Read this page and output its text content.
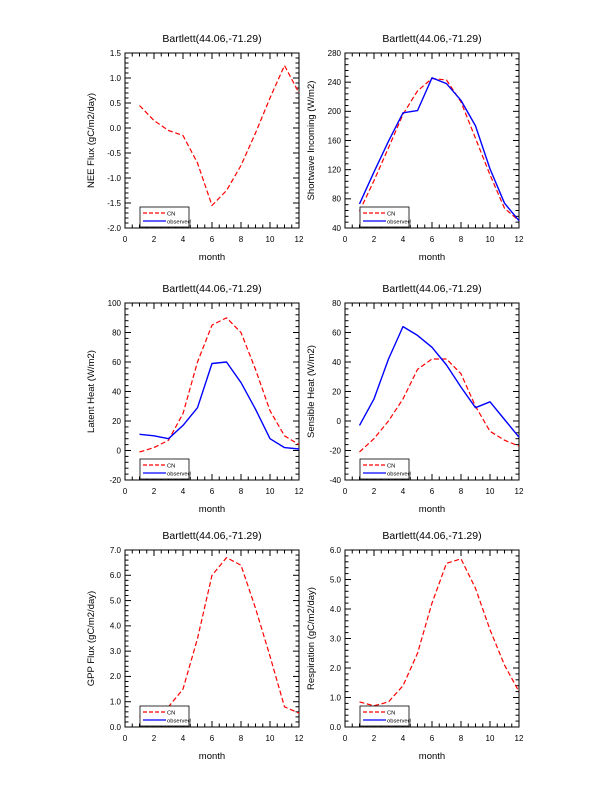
Bartlett(44.06,-71.29)
NEE Flux (gC/m2/day)
0	2	4	6	8	10	12
1.5
1.0
0.5
0.0
-0.5
-1.0
-1.5
-2.0
CN
observed
month
Bartlett(44.06,-71.29)
Shortwave Incoming (W/m2)
0	2	4	6	8	10	12
280
240
200
160
120
80
40
CN
observed
month
Bartlett(44.06,-71.29)
Latent Heat (W/m2)
0	2	4	6	8	10	12
100
80
60
40
20
0
-20
CN
observed
month
Bartlett(44.06,-71.29)
Sensible Heat (W/m2)
0	2	4	6	8	10	12
80
60
40
20
0
-20
-40
CN
observed
month
Bartlett(44.06,-71.29)
GPP Flux (gC/m2/day)
0	2	4	6	8	10	12
7.0
6.0
5.0
4.0
3.0
2.0
1.0
0.0
CN
observed
month
Bartlett(44.06,-71.29)
Respiration (gC/m2/day)
0	2	4	6	8	10	12
6.0
5.0
4.0
3.0
2.0
1.0
0.0
CN
observed
month
